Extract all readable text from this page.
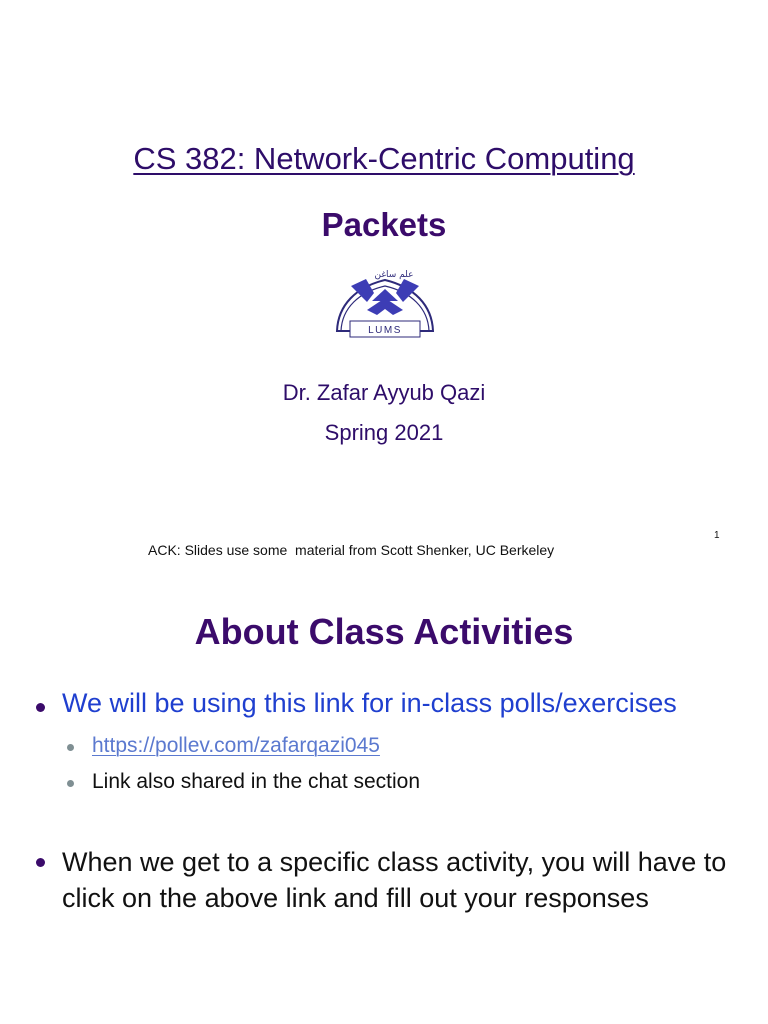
CS 382: Network-Centric Computing
Packets
LUMS
علم ساغن
Dr. Zafar Ayyub Qazi
Spring 2021
1
ACK: Slides use some  material from Scott Shenker, UC Berkeley
About Class Activities
We will be using this link for in-class polls/exercises
https://pollev.com/zafarqazi045
Link also shared in the chat section
When we get to a specific class activity, you will have to click on the above link and fill out your responses
